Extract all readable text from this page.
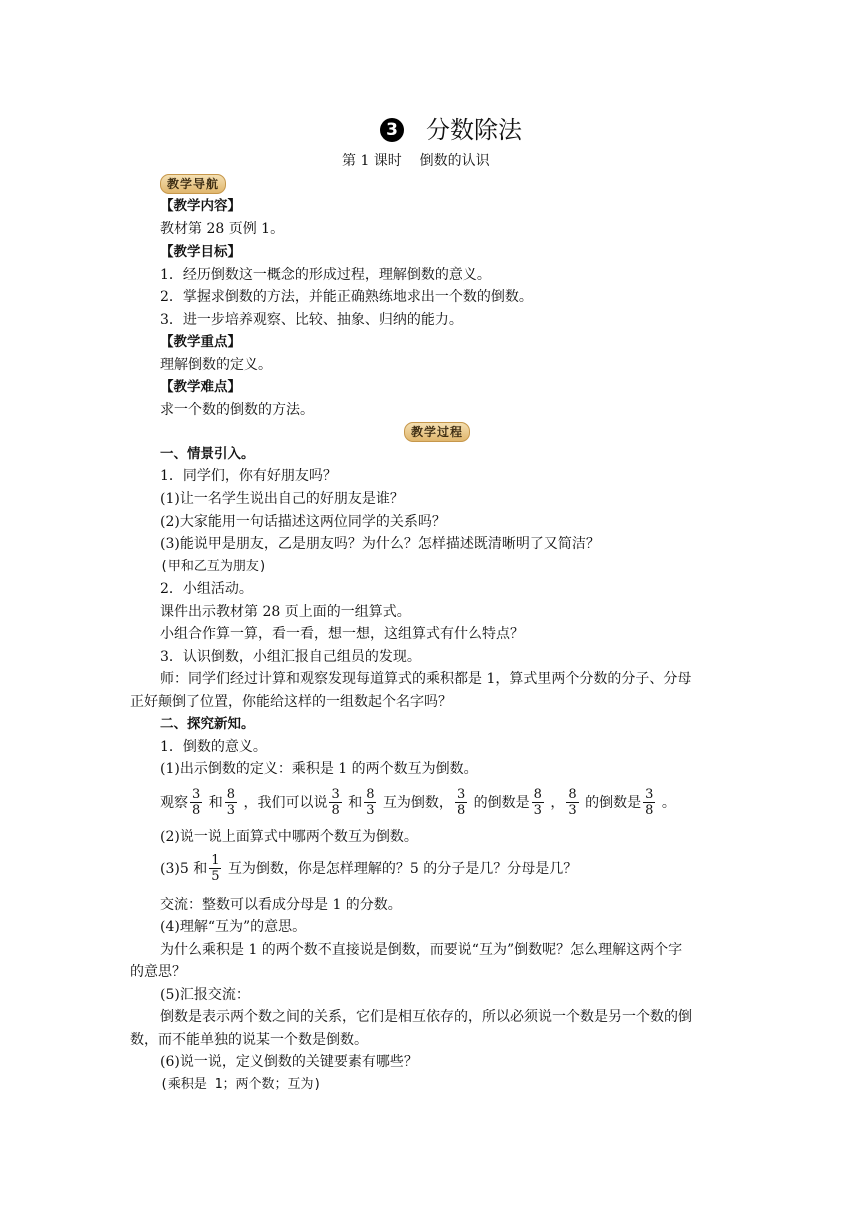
3 分数除法
第 1 课时    倒数的认识
教学导航
【教学内容】
教材第 28 页例 1。
【教学目标】
1．经历倒数这一概念的形成过程，理解倒数的意义。
2．掌握求倒数的方法，并能正确熟练地求出一个数的倒数。
3．进一步培养观察、比较、抽象、归纳的能力。
【教学重点】
理解倒数的定义。
【教学难点】
求一个数的倒数的方法。
教学过程
一、情景引入。
1．同学们，你有好朋友吗？
(1)让一名学生说出自己的好朋友是谁？
(2)大家能用一句话描述这两位同学的关系吗？
(3)能说甲是朋友，乙是朋友吗？为什么？怎样描述既清晰明了又简洁？
(甲和乙互为朋友)
2．小组活动。
课件出示教材第 28 页上面的一组算式。
小组合作算一算，看一看，想一想，这组算式有什么特点？
3．认识倒数，小组汇报自己组员的发现。
师：同学们经过计算和观察发现每道算式的乘积都是 1，算式里两个分数的分子、分母
正好颠倒了位置，你能给这样的一组数起个名字吗？
二、探究新知。
1．倒数的意义。
(1)出示倒数的定义：乘积是 1 的两个数互为倒数。
观察 $\frac{3}{8}$ 和 $\frac{8}{3}$ ，我们可以说 $\frac{3}{8}$ 和 $\frac{8}{3}$ 互为倒数， $\frac{3}{8}$ 的倒数是 $\frac{8}{3}$ ， $\frac{8}{3}$ 的倒数是 $\frac{3}{8}$ 。
(2)说一说上面算式中哪两个数互为倒数。
(3)5 和 $\frac{1}{5}$ 互为倒数，你是怎样理解的？5 的分子是几？分母是几？
交流：整数可以看成分母是 1 的分数。
(4)理解“互为”的意思。
为什么乘积是 1 的两个数不直接说是倒数，而要说“互为”倒数呢？怎么理解这两个字
的意思？
(5)汇报交流：
倒数是表示两个数之间的关系，它们是相互依存的，所以必须说一个数是另一个数的倒
数，而不能单独的说某一个数是倒数。
(6)说一说，定义倒数的关键要素有哪些？
(乘积是 1；两个数；互为)
